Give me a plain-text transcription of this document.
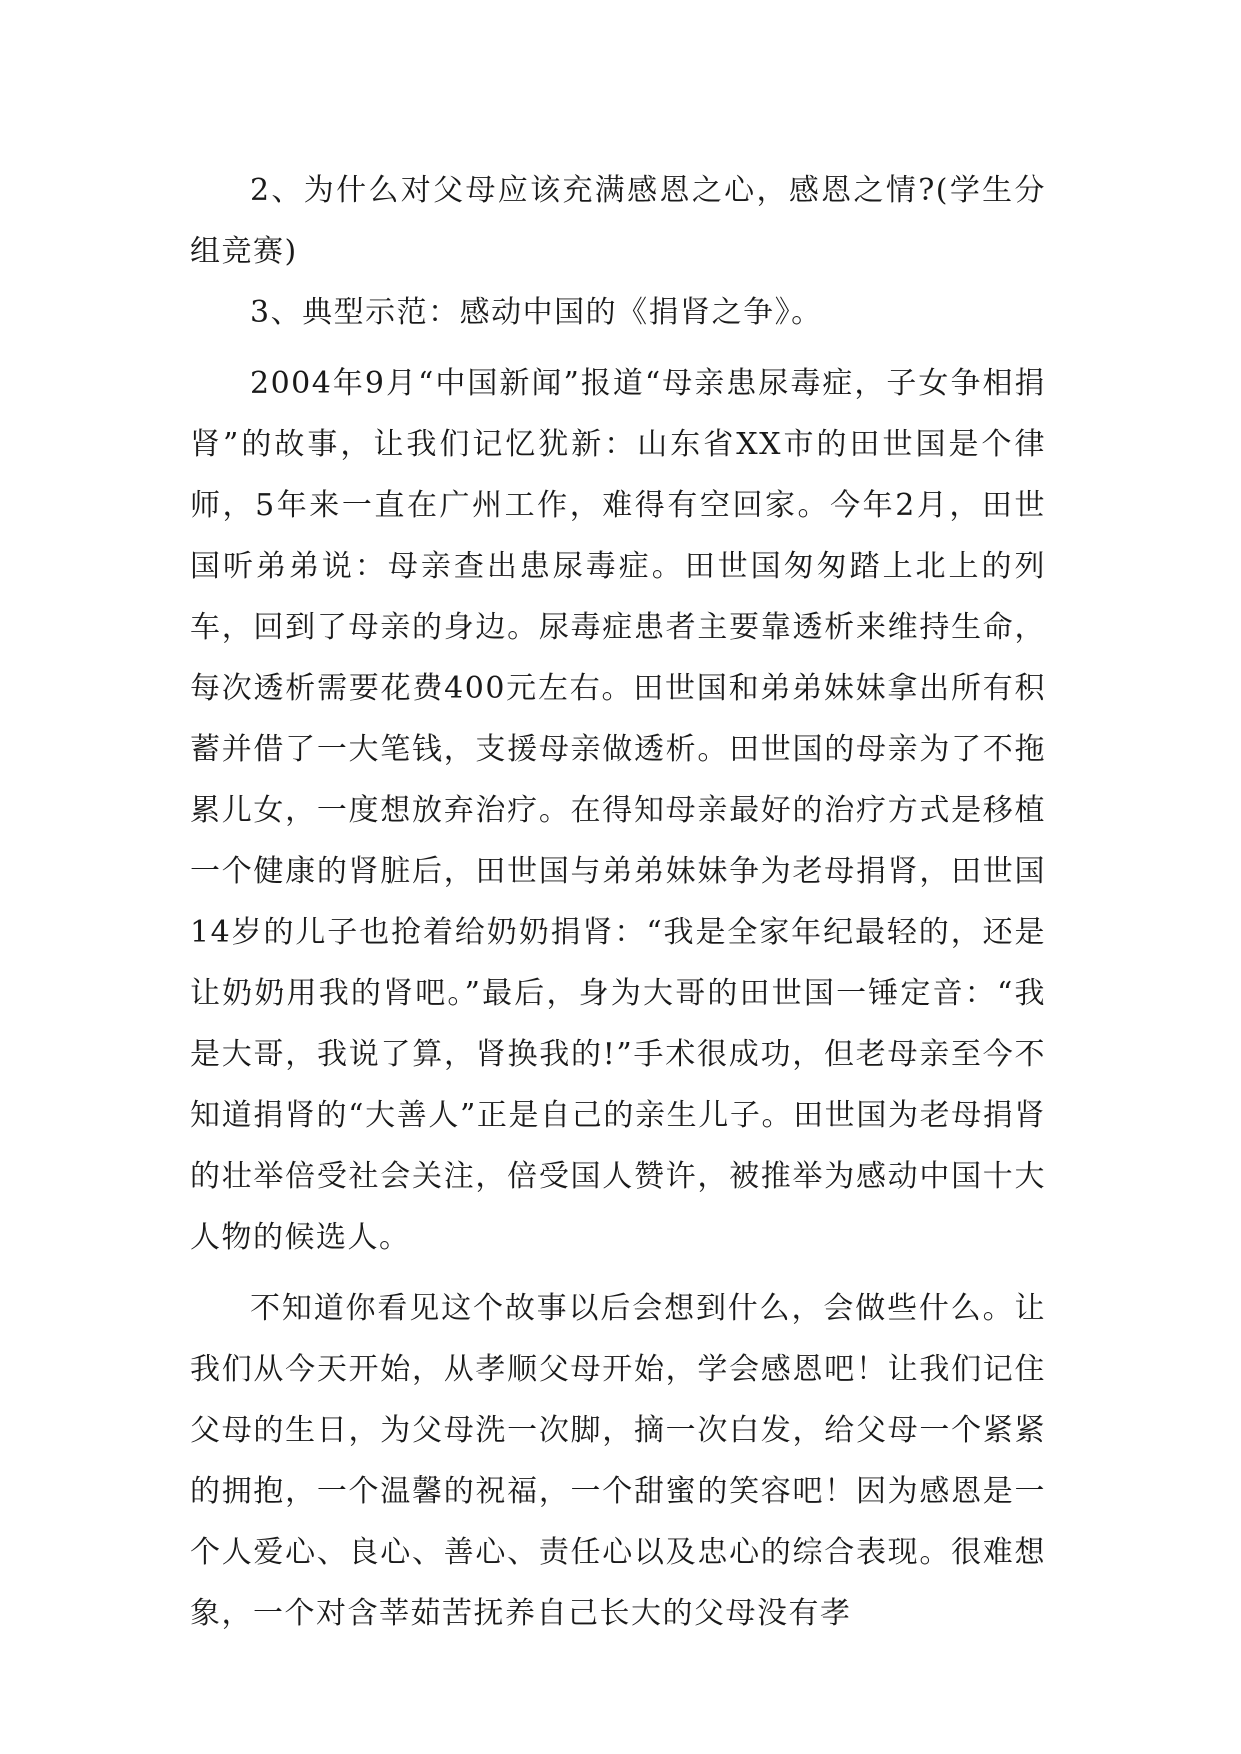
2、为什么对父母应该充满感恩之心，感恩之情?(学生分组竞赛)

3、典型示范：感动中国的《捐肾之争》。

2004年9月“中国新闻”报道“母亲患尿毒症，子女争相捐肾”的故事，让我们记忆犹新：山东省XX市的田世国是个律师，5年来一直在广州工作，难得有空回家。今年2月，田世国听弟弟说：母亲查出患尿毒症。田世国匆匆踏上北上的列车，回到了母亲的身边。尿毒症患者主要靠透析来维持生命，每次透析需要花费400元左右。田世国和弟弟妹妹拿出所有积蓄并借了一大笔钱，支援母亲做透析。田世国的母亲为了不拖累儿女，一度想放弃治疗。在得知母亲最好的治疗方式是移植一个健康的肾脏后，田世国与弟弟妹妹争为老母捐肾，田世国14岁的儿子也抢着给奶奶捐肾：“我是全家年纪最轻的，还是让奶奶用我的肾吧。”最后，身为大哥的田世国一锤定音：“我是大哥，我说了算，肾换我的!”手术很成功，但老母亲至今不知道捐肾的“大善人”正是自己的亲生儿子。田世国为老母捐肾的壮举倍受社会关注，倍受国人赞许，被推举为感动中国十大人物的候选人。

不知道你看见这个故事以后会想到什么，会做些什么。让我们从今天开始，从孝顺父母开始，学会感恩吧！让我们记住父母的生日，为父母洗一次脚，摘一次白发，给父母一个紧紧的拥抱，一个温馨的祝福，一个甜蜜的笑容吧！因为感恩是一个人爱心、良心、善心、责任心以及忠心的综合表现。很难想象，一个对含莘茹苦抚养自己长大的父母没有孝
